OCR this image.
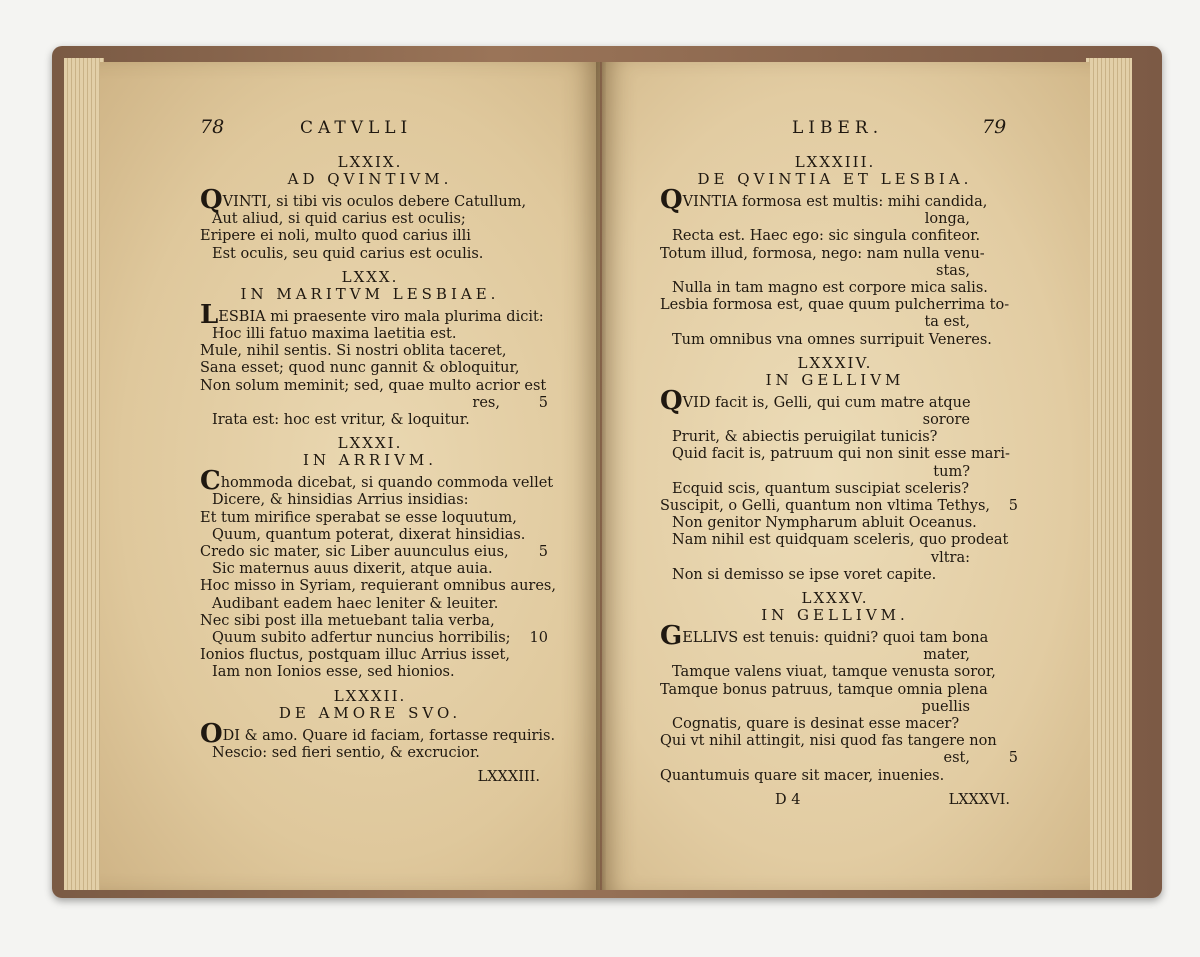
78	CATVLLI
LXXIX.
AD QVINTIVM.
QVINTI, si tibi vis oculos debere Catullum,
Aut aliud, si quid carius est oculis;
Eripere ei noli, multo quod carius illi
Est oculis, seu quid carius est oculis.
LXXX.
IN MARITVM LESBIAE.
LESBIA mi praesente viro mala plurima dicit:
Hoc illi fatuo maxima laetitia est.
Mule, nihil sentis. Si nostri oblita taceret,
Sana esset; quod nunc gannit & obloquitur,
Non solum meminit; sed, quae multo acrior est
res,	5
Irata est: hoc est vritur, & loquitur.
LXXXI.
IN ARRIVM.
Chommoda dicebat, si quando commoda vellet
Dicere, & hinsidias Arrius insidias:
Et tum mirifice sperabat se esse loquutum,
Quum, quantum poterat, dixerat hinsidias.
Credo sic mater, sic Liber auunculus eius, 5
Sic maternus auus dixerit, atque auia.
Hoc misso in Syriam, requierant omnibus aures,
Audibant eadem haec leniter & leuiter.
Nec sibi post illa metuebant talia verba,
Quum subito adfertur nuncius horribilis; 10
Ionios fluctus, postquam illuc Arrius isset,
Iam non Ionios esse, sed hionios.
LXXXII.
DE AMORE SVO.
ODI & amo. Quare id faciam, fortasse requiris.
Nescio: sed fieri sentio, & excrucior.
LXXXIII.
LIBER.	79
LXXXIII.
DE QVINTIA ET LESBIA.
QVINTIA formosa est multis: mihi candida,
longa,
Recta est. Haec ego: sic singula confiteor.
Totum illud, formosa, nego: nam nulla venu-
stas,
Nulla in tam magno est corpore mica salis.
Lesbia formosa est, quae quum pulcherrima to-
ta est,
Tum omnibus vna omnes surripuit Veneres.
LXXXIV.
IN GELLIVM
QVID facit is, Gelli, qui cum matre atque
sorore
Prurit, & abiectis peruigilat tunicis?
Quid facit is, patruum qui non sinit esse mari-
tum?
Ecquid scis, quantum suscipiat sceleris?
Suscipit, o Gelli, quantum non vltima Tethys, 5
Non genitor Nympharum abluit Oceanus.
Nam nihil est quidquam sceleris, quo prodeat
vltra:
Non si demisso se ipse voret capite.
LXXXV.
IN GELLIVM.
GELLIVS est tenuis: quidni? quoi tam bona
mater,
Tamque valens viuat, tamque venusta soror,
Tamque bonus patruus, tamque omnia plena
puellis
Cognatis, quare is desinat esse macer?
Qui vt nihil attingit, nisi quod fas tangere non
est,	5
Quantumuis quare sit macer, inuenies.
D 4	LXXXVI.
